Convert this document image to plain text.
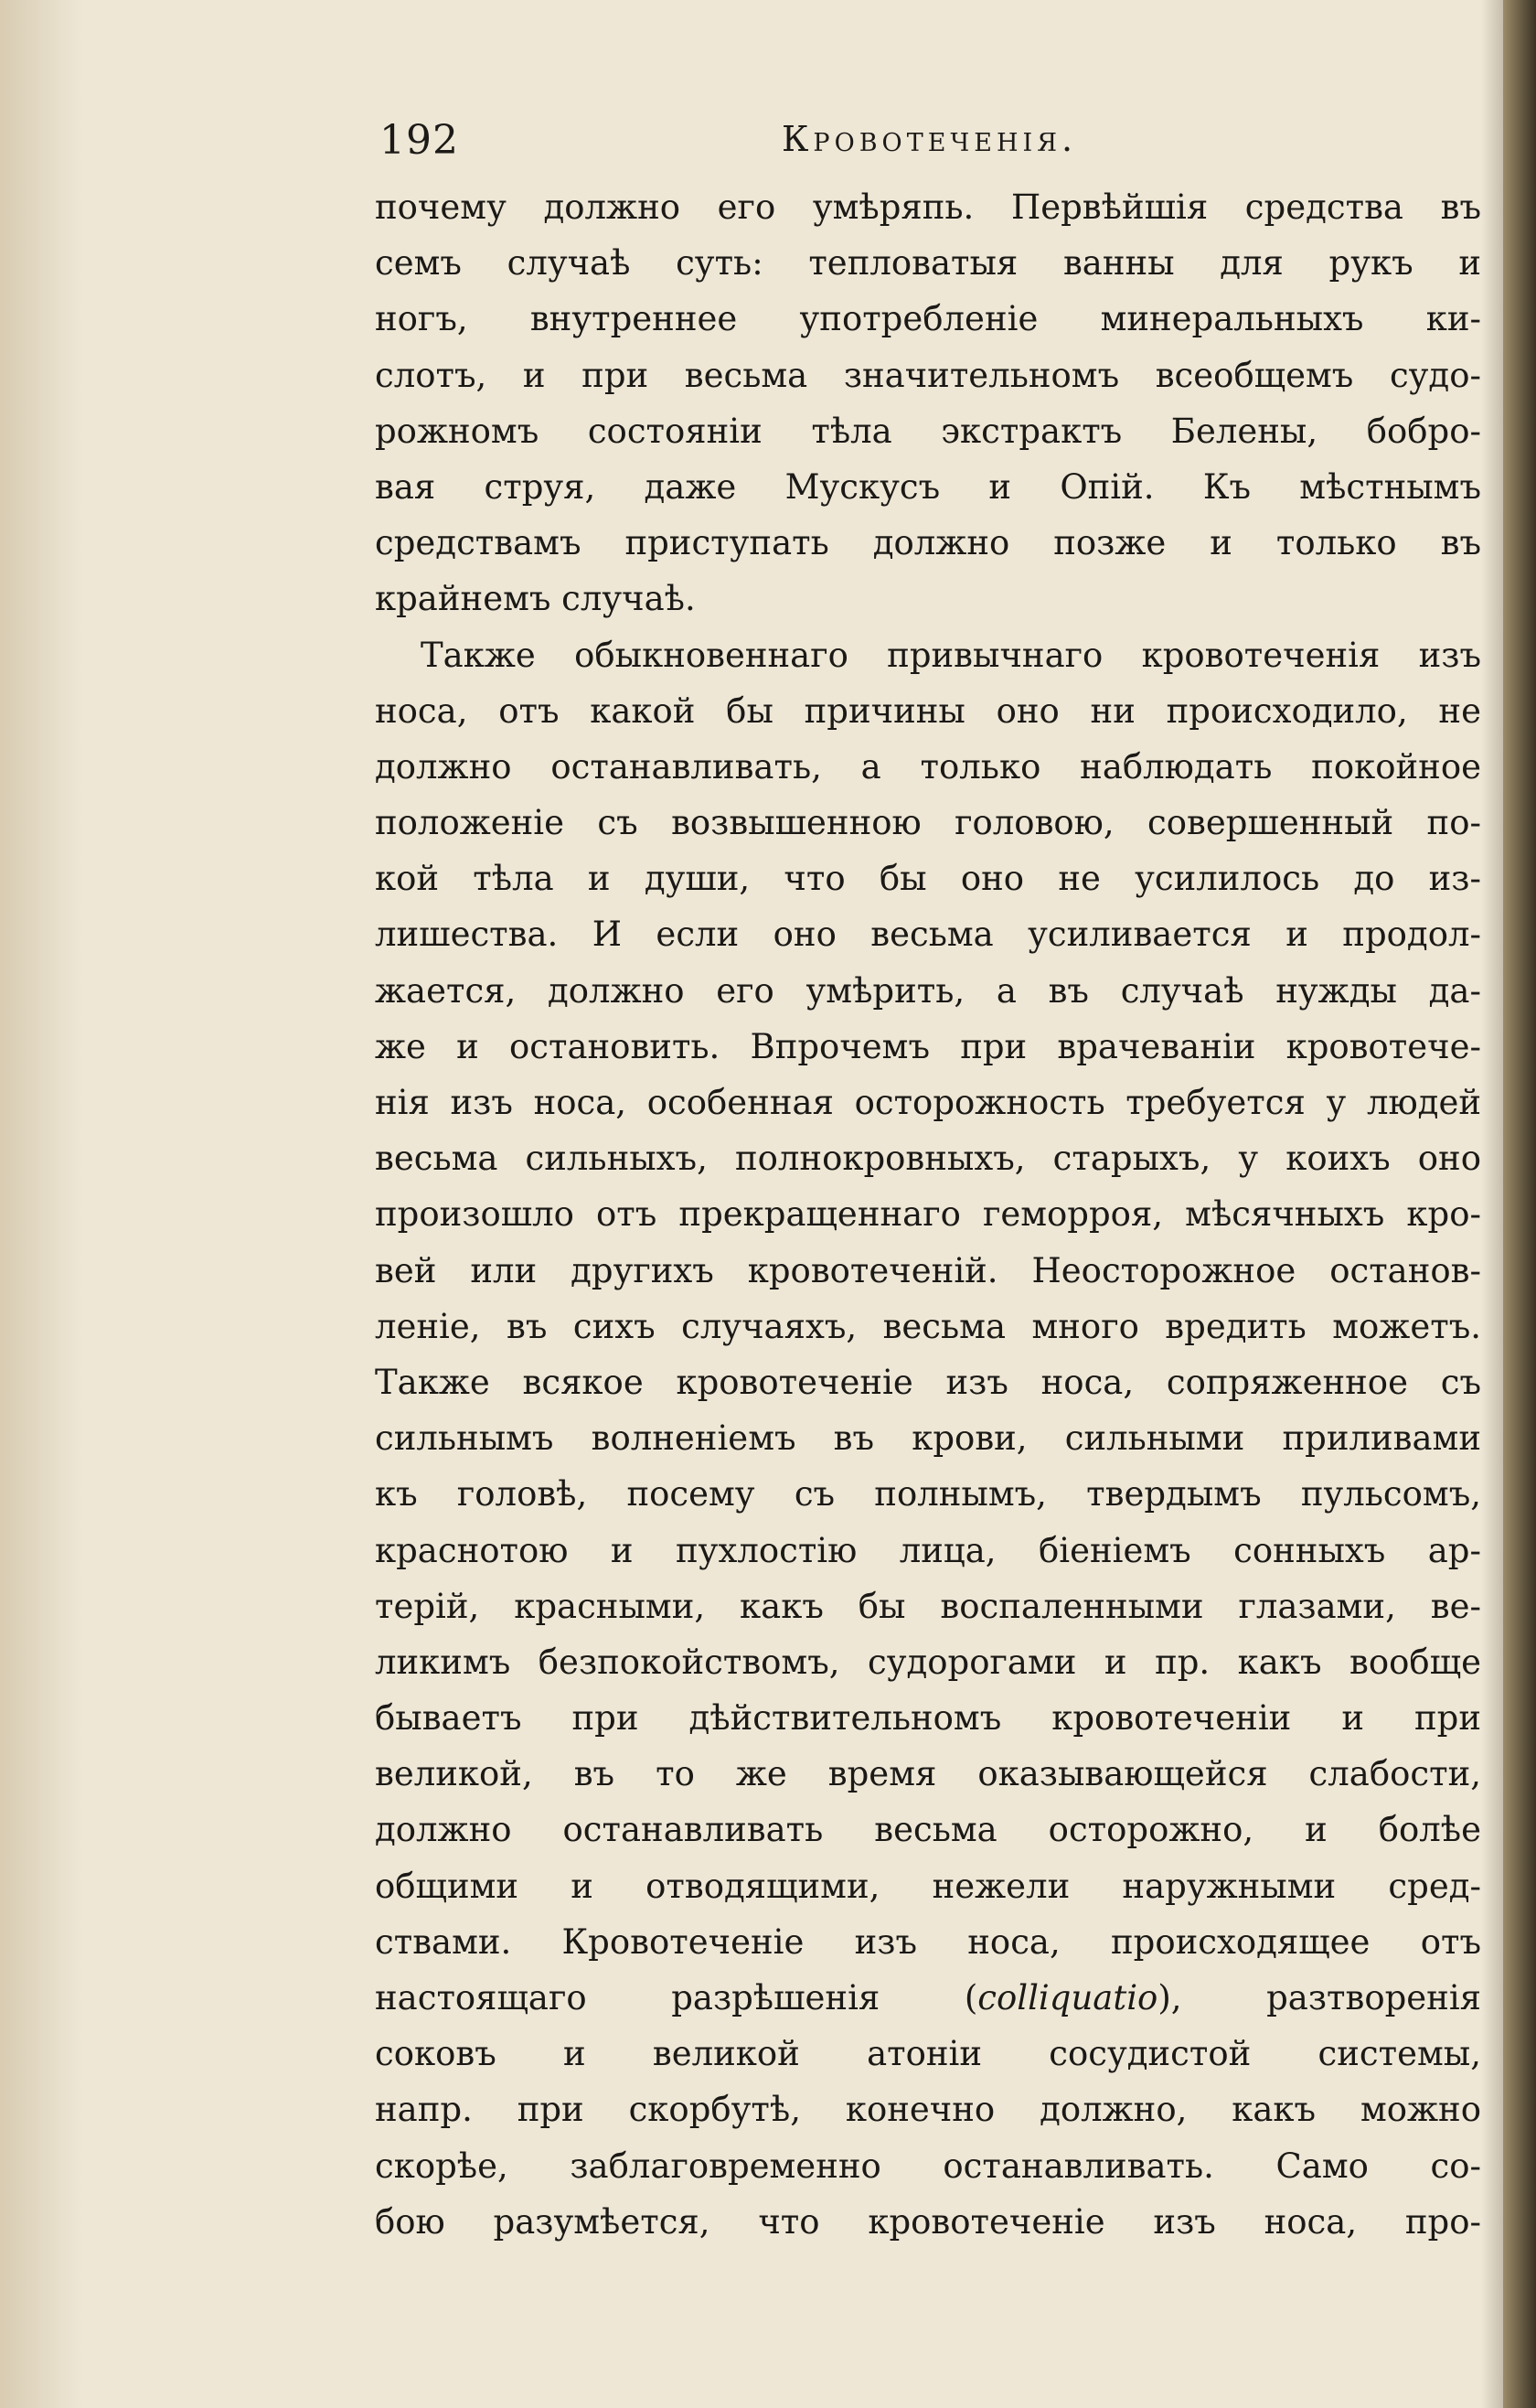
192	Кровотеченія.
почему должно его умѣряпь. Первѣйшія средства въ
семъ случаѣ суть: тепловатыя ванны для рукъ и
ногъ, внутреннее употребленіе минеральныхъ ки-
слотъ, и при весьма значительномъ всеобщемъ судо-
рожномъ состояніи тѣла экстрактъ Белены, бобро-
вая струя, даже Мускусъ и Опій. Къ мѣстнымъ
средствамъ приступать должно позже и только въ
крайнемъ случаѣ.
Также обыкновеннаго привычнаго кровотеченія изъ
носа, отъ какой бы причины оно ни происходило, не
должно останавливать, а только наблюдать покойное
положеніе съ возвышенною головою, совершенный по-
кой тѣла и души, что бы оно не усилилось до из-
лишества. И если оно весьма усиливается и продол-
жается, должно его умѣрить, а въ случаѣ нужды да-
же и остановить. Впрочемъ при врачеваніи кровотече-
нія изъ носа, особенная осторожность требуется у людей
весьма сильныхъ, полнокровныхъ, старыхъ, у коихъ оно
произошло отъ прекращеннаго геморроя, мѣсячныхъ кро-
вей или другихъ кровотеченій. Неосторожное останов-
леніе, въ сихъ случаяхъ, весьма много вредить можетъ.
Также всякое кровотеченіе изъ носа, сопряженное съ
сильнымъ волненіемъ въ крови, сильными приливами
къ головѣ, посему съ полнымъ, твердымъ пульсомъ,
краснотою и пухлостію лица, біеніемъ сонныхъ ар-
терій, красными, какъ бы воспаленными глазами, ве-
ликимъ безпокойствомъ, судорогами и пр. какъ вообще
бываетъ при дѣйствительномъ кровотеченіи и при
великой, въ то же время оказывающейся слабости,
должно останавливать весьма осторожно, и болѣе
общими и отводящими, нежели наружными сред-
ствами. Кровотеченіе изъ носа, происходящее отъ
настоящаго разрѣшенія	(colliquatio),	разтворенія
соковъ и великой атоніи сосудистой системы,
напр. при скорбутѣ, конечно должно, какъ можно
скорѣе, заблаговременно останавливать. Само со-
бою разумѣется, что кровотеченіе изъ носа, про-
